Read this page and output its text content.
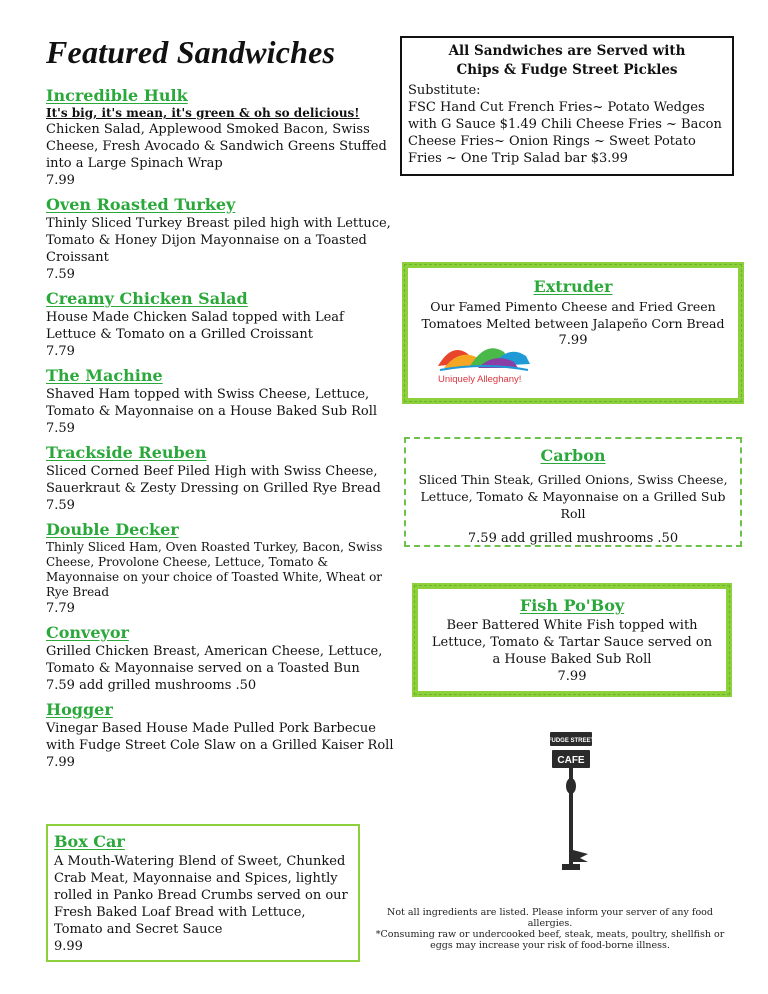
Featured Sandwiches
Incredible Hulk
It's big, it's mean, it's green & oh so delicious!
Chicken Salad, Applewood Smoked Bacon, Swiss Cheese, Fresh Avocado & Sandwich Greens Stuffed into a Large Spinach Wrap
7.99
Oven Roasted Turkey
Thinly Sliced Turkey Breast piled high with Lettuce, Tomato & Honey Dijon Mayonnaise on a Toasted Croissant
7.59
Creamy Chicken Salad
House Made Chicken Salad topped with Leaf Lettuce & Tomato on a Grilled Croissant
7.79
The Machine
Shaved Ham topped with Swiss Cheese, Lettuce, Tomato & Mayonnaise on a House Baked Sub Roll
7.59
Trackside Reuben
Sliced Corned Beef Piled High with Swiss Cheese, Sauerkraut & Zesty Dressing on Grilled Rye Bread
7.59
Double Decker
Thinly Sliced Ham, Oven Roasted Turkey, Bacon, Swiss Cheese, Provolone Cheese, Lettuce, Tomato & Mayonnaise on your choice of Toasted White, Wheat or Rye Bread
7.79
Conveyor
Grilled Chicken Breast, American Cheese, Lettuce, Tomato & Mayonnaise served on a Toasted Bun
7.59 add grilled mushrooms .50
Hogger
Vinegar Based House Made Pulled Pork Barbecue with Fudge Street Cole Slaw on a Grilled Kaiser Roll
7.99
Box Car
A Mouth-Watering Blend of Sweet, Chunked Crab Meat, Mayonnaise and Spices, lightly rolled in Panko Bread Crumbs served on our Fresh Baked Loaf Bread with Lettuce, Tomato and Secret Sauce
9.99
All Sandwiches are Served with
Chips & Fudge Street Pickles
Substitute:
FSC Hand Cut French Fries~ Potato Wedges with G Sauce $1.49 Chili Cheese Fries ~ Bacon Cheese Fries~ Onion Rings ~ Sweet Potato Fries ~ One Trip Salad bar $3.99
Extruder
Our Famed Pimento Cheese and Fried Green Tomatoes Melted between Jalapeño Corn Bread
7.99
Uniquely Alleghany!
Carbon
Sliced Thin Steak, Grilled Onions, Swiss Cheese, Lettuce, Tomato & Mayonnaise on a Grilled Sub Roll
7.59 add grilled mushrooms .50
Fish Po'Boy
Beer Battered White Fish topped with Lettuce, Tomato & Tartar Sauce served on a House Baked Sub Roll
7.99
FUDGE STREET
CAFE
Not all ingredients are listed. Please inform your server of any food allergies.
*Consuming raw or undercooked beef, steak, meats, poultry, shellfish or eggs may increase your risk of food-borne illness.
